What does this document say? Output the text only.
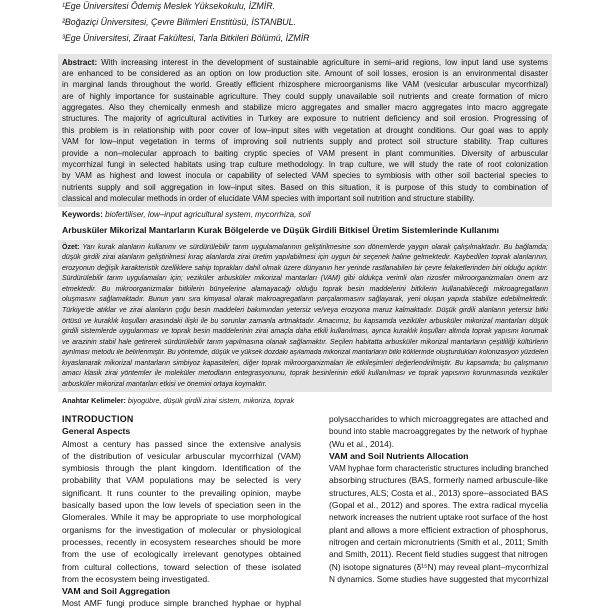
¹Ege Üniversitesi Ödemiş Meslek Yüksekokulu, İZMİR.
²Boğaziçi Üniversitesi, Çevre Bilimleri Enstitüsü, İSTANBUL.
³Ege Üniversitesi, Ziraat Fakültesi, Tarla Bitkileri Bölümü, İZMİR
Abstract: With increasing interest in the development of sustainable agriculture in semi–arid regions, low input land use systems
are enhanced to be considered as an option on low production site. Amount of soil losses, erosion is an environmental disaster
in marginal lands throughout the world. Greatly efficient rhizosphere microorganisms like VAM (vesicular arbuscular mycorrhizal)
are of highly importance for sustainable agriculture. They could supply unavailable soil nutrients and create formation of micro
aggregates. Also they chemically enmesh and stabilize micro aggregates and smaller macro aggregates into macro aggregate
structures. The majority of agricultural activities in Turkey are exposure to nutrient deficiency and soil erosion. Progressing of
this problem is in relationship with poor cover of low–input sites with vegetation at drought conditions. Our goal was to apply
VAM for low–input vegetation in terms of improving soil nutrients supply and protect soil structure stability. Trap cultures
provide a non–molecular approach to baiting cryptic species of VAM present in plant communities. Diversity of arbuscular
mycorrhizal fungi in selected habitats using trap culture methodology. In trap culture, we will study the rate of root colonization
by VAM as highest and lowest inocula or capability of selected VAM species to symbiosis with other soil bacterial species to
nutrients supply and soil aggregation in low–input sites. Based on this situation, it is purpose of this study to combination of
classical and molecular methods in order of elucidate VAM species with important soil nutrition and structure stability.
Keywords: biofertiliser, low–input agricultural system, mycorrhiza, soil
Arbusküler Mikorizal Mantarların Kurak Bölgelerde ve Düşük Girdili Bitkisel Üretim Sistemlerinde Kullanımı
Özet: Yarı kurak alanların kullanımı ve sürdürülebilir tarım uygulamalarının geliştirilmesine son dönemlerde yaygın olarak çalışılmaktadır. Bu bağlamda;
düşük girdili zirai alanların geliştirilmesi kıraç alanlarda zirai üretim yapılabilmesi için uygun bir seçenek haline gelmektedir. Kaybedilen toprak alanlarının,
erozyonun değişik karakteristik özelliklere sahip toprakları dahil olmak üzere dünyanın her yerinde rastlanabilen bir çevre felaketlerinden biri olduğu açıktır.
Sürdürülebilir tarım uygulamaları için; veziküler arbusküler mikorizal mantarları (VAM) gibi oldukça verimli olan rizosfer mikroorganizmaları önem arz
etmektedir. Bu mikroorganizmalar bitkilerin bünyelerine alamayacağı olduğu toprak besin maddelerini bitkilerin kullanabileceği mikroagregatların
oluşmasını sağlamaktadır. Bunun yanı sıra kimyasal olarak makroagregatların parçalanmasını sağlayarak, yeni oluşan yapıda stabilize edebilmektedir.
Türkiye'de atıklar ve zirai alanların çoğu besin maddeleri bakımından yetersiz ve/veya erozyona maruz kalmaktadır. Düşük girdili alanların yetersiz bitki
örtüsü ve kuraklık koşulları arasındaki ilişki ile bu sorunlar zamanla artmaktadır. Amacımız, bu kapsamda veziküler arbusküler mikorizal mantarları düşük
girdili sistemlerde uygulanması ve toprak besin maddelerinin zirai amaçla daha etkili kullanılması, ayrıca kuraklık koşulları altında toprak yapısını korumak
ve arazinin stabil hale getirerek sürdürülebilir tarım yapılmasına olanak sağlamaktır. Seçilen habitatta arbusküler mikorizal mantarların çeşitliliği kültürlerin
ayrılması metodu ile belirlenmiştir. Bu yöntemde, düşük ve yüksek dozdaki aşılamada mikorizal mantarların bitki köklerinde oluşturdukları kolonizasyon yüzdeleri
kıyaslanarak mikorizal mantarların simbiyoz kapasiteleri, diğer toprak mikroorganizmaları ile etkileşimleri değerlendirilmiştir. Bu kapsamda; bu çalışmanın
amacı klasik zirai yöntemler ile moleküler metodların entegrasyonunu, toprak besinlerinin etkili kullanılması ve toprak yapısının korunmasında veziküler
arbusküler mikorizal mantarları etkisi ve önemini ortaya koymaktır.
Anahtar Kelimeler: biyogübre, düşük girdili zirai sistem, mikoriza, toprak
INTRODUCTION
General Aspects
Almost a century has passed since the extensive analysis
of the distribution of vesicular arbuscular mycorrhizal (VAM)
symbiosis through the plant kingdom. Identification of the
probability that VAM populations may be selected is very
significant. It runs counter to the prevailing opinion, maybe
basically based upon the low levels of speciation seen in the
Glomerales. While it may be appropriate to use morphological
organisms for the investigation of molecular or physiological
processes, recently in ecosystem researches should be more
from the use of ecologically irrelevant genotypes obtained
from cultural collections, toward selection of these isolated
from the ecosystem being investigated.
VAM and Soil Aggregation
Most AMF fungi produce simple branched hyphae or hyphal
polysaccharides to which microaggregates are attached and
bound into stable macroaggregates by the network of hyphae
(Wu et al., 2014).
VAM and Soil Nutrients Allocation
VAM hyphae form characteristic structures including branched
absorbing structures (BAS, formerly named arbuscule-like
structures, ALS; Costa et al., 2013) spore–associated BAS
(Gopal et al., 2012) and spores. The extra radical mycelia
network increases the nutrient uptake root surface of the host
plant and allows a more efficient extraction of phosphorus,
nitrogen and certain micronutrients (Smith et al., 2011; Smith
and Smith, 2011). Recent field studies suggest that nitrogen
(N) isotope signatures (δ¹⁵N) may reveal plant–mycorrhizal
N dynamics. Some studies have suggested that mycorrhizal
